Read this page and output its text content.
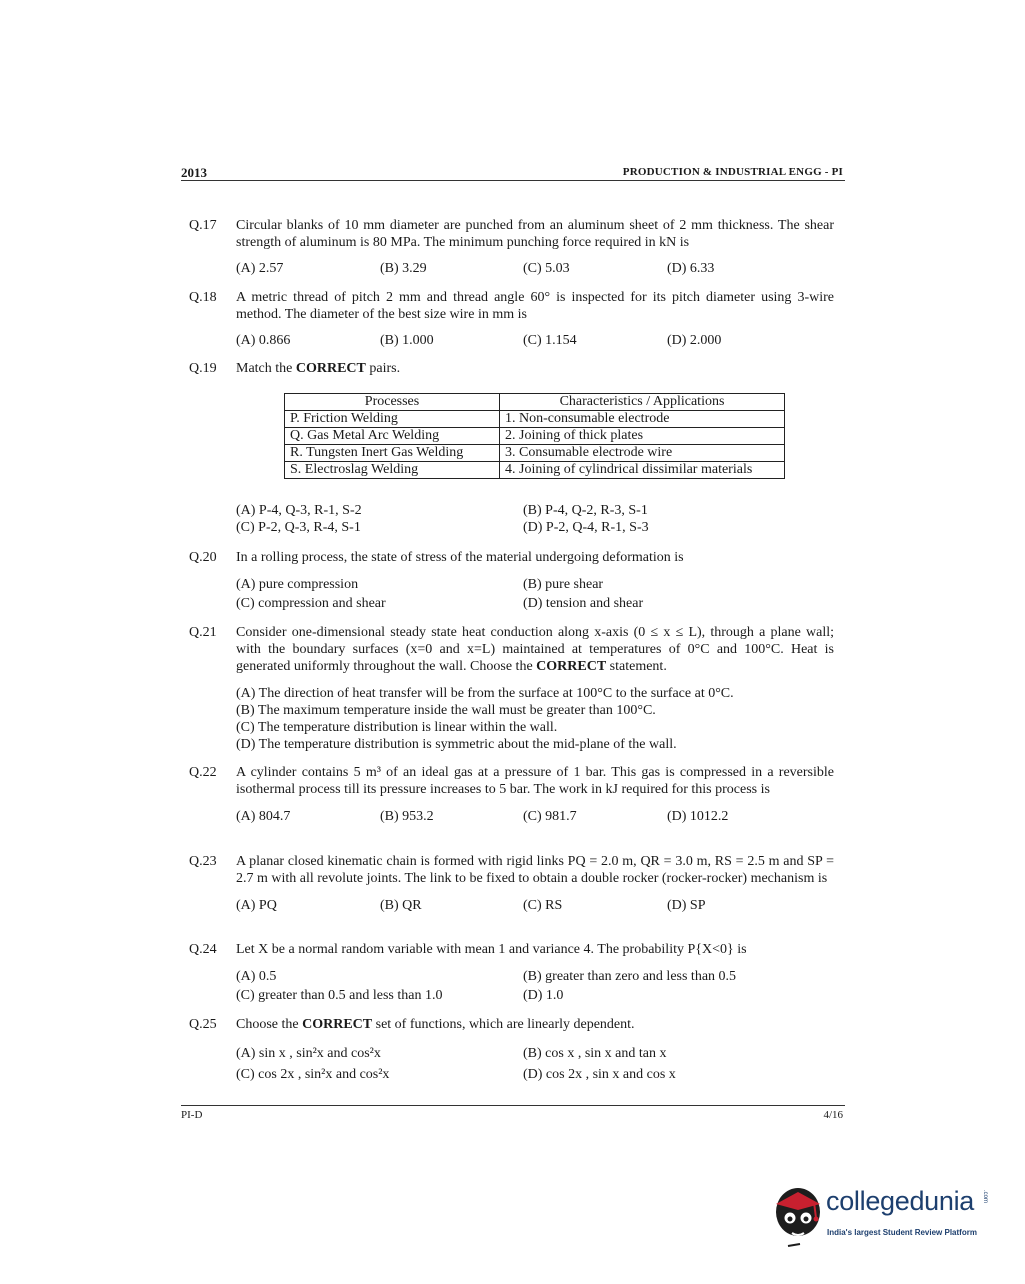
2013	PRODUCTION & INDUSTRIAL ENGG - PI
Q.17	Circular blanks of 10 mm diameter are punched from an aluminum sheet of 2 mm thickness. The shear strength of aluminum is 80 MPa. The minimum punching force required in kN is
(A) 2.57	(B) 3.29	(C) 5.03	(D) 6.33
Q.18	A metric thread of pitch 2 mm and thread angle 60° is inspected for its pitch diameter using 3-wire method. The diameter of the best size wire in mm is
(A) 0.866	(B) 1.000	(C) 1.154	(D) 2.000
Q.19	Match the CORRECT pairs.
Processes	Characteristics / Applications
P. Friction Welding	1. Non-consumable electrode
Q. Gas Metal Arc Welding	2. Joining of thick plates
R. Tungsten Inert Gas Welding	3. Consumable electrode wire
S. Electroslag Welding	4. Joining of cylindrical dissimilar materials
(A) P-4, Q-3, R-1, S-2	(B) P-4, Q-2, R-3, S-1
(C) P-2, Q-3, R-4, S-1	(D) P-2, Q-4, R-1, S-3
Q.20	In a rolling process, the state of stress of the material undergoing deformation is
(A) pure compression	(B) pure shear
(C) compression and shear	(D) tension and shear
Q.21	Consider one-dimensional steady state heat conduction along x-axis (0 ≤ x ≤ L), through a plane wall; with the boundary surfaces (x=0 and x=L) maintained at temperatures of 0°C and 100°C. Heat is generated uniformly throughout the wall. Choose the CORRECT statement.
(A) The direction of heat transfer will be from the surface at 100°C to the surface at 0°C.
(B) The maximum temperature inside the wall must be greater than 100°C.
(C) The temperature distribution is linear within the wall.
(D) The temperature distribution is symmetric about the mid-plane of the wall.
Q.22	A cylinder contains 5 m³ of an ideal gas at a pressure of 1 bar. This gas is compressed in a reversible isothermal process till its pressure increases to 5 bar. The work in kJ required for this process is
(A) 804.7	(B) 953.2	(C) 981.7	(D) 1012.2
Q.23	A planar closed kinematic chain is formed with rigid links PQ = 2.0 m, QR = 3.0 m, RS = 2.5 m and SP = 2.7 m with all revolute joints. The link to be fixed to obtain a double rocker (rocker-rocker) mechanism is
(A) PQ	(B) QR	(C) RS	(D) SP
Q.24	Let X be a normal random variable with mean 1 and variance 4. The probability P{X<0} is
(A) 0.5	(B) greater than zero and less than 0.5
(C) greater than 0.5 and less than 1.0	(D) 1.0
Q.25	Choose the CORRECT set of functions, which are linearly dependent.
(A) sin x , sin²x and cos²x	(B) cos x , sin x and tan x
(C) cos 2x , sin²x and cos²x	(D) cos 2x , sin x and cos x
PI-D	4/16
collegedunia .com
India's largest Student Review Platform
